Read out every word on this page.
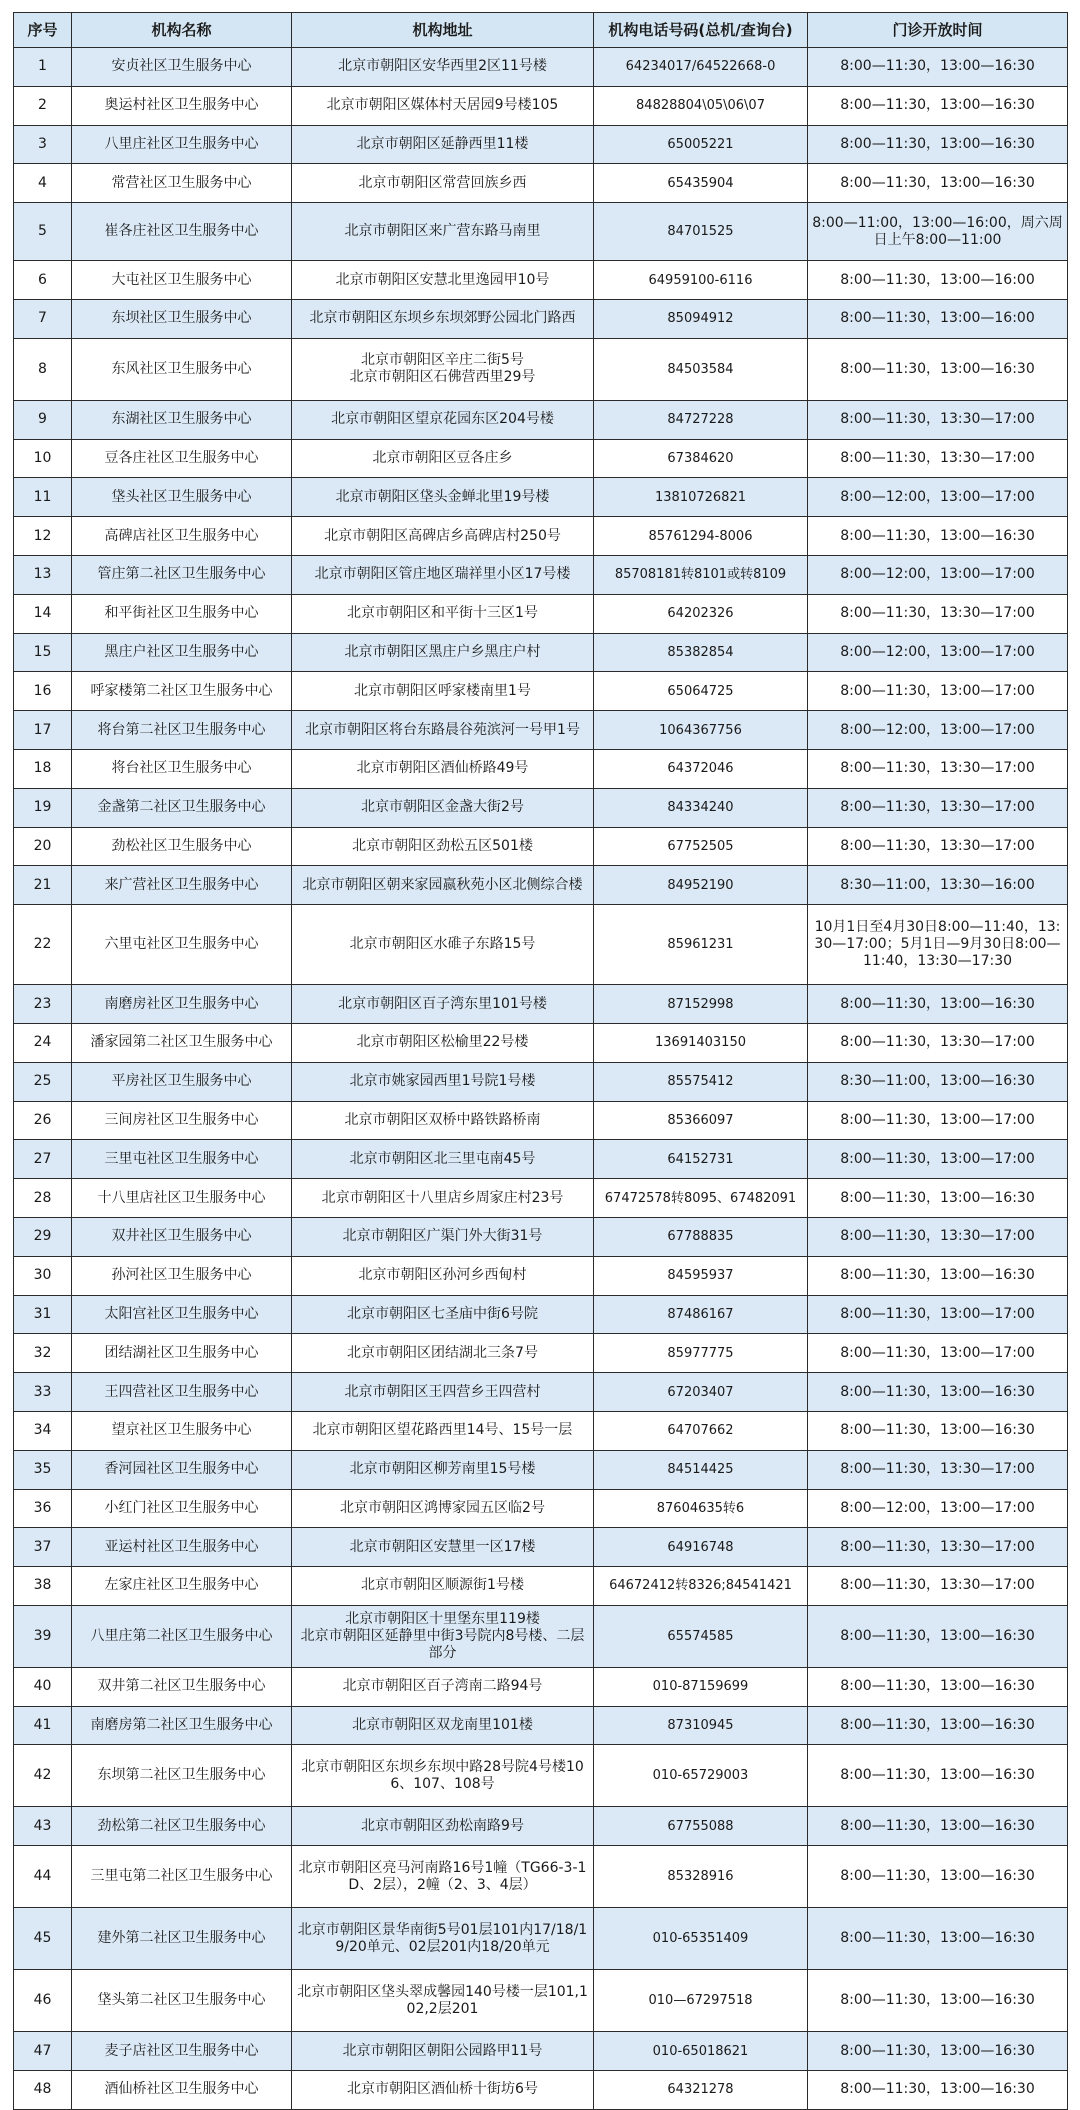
序号	机构名称	机构地址	机构电话号码(总机/查询台)	门诊开放时间
1	安贞社区卫生服务中心	北京市朝阳区安华西里2区11号楼	64234017/64522668-0	8:00—11:30，13:00—16:30
2	奥运村社区卫生服务中心	北京市朝阳区媒体村天居园9号楼105	84828804\05\06\07	8:00—11:30，13:00—16:30
3	八里庄社区卫生服务中心	北京市朝阳区延静西里11楼	65005221	8:00—11:30，13:00—16:30
4	常营社区卫生服务中心	北京市朝阳区常营回族乡西	65435904	8:00—11:30，13:00—16:30
5	崔各庄社区卫生服务中心	北京市朝阳区来广营东路马南里	84701525	8:00—11:00，13:00—16:00，周六周日上午8:00—11:00
6	大屯社区卫生服务中心	北京市朝阳区安慧北里逸园甲10号	64959100-6116	8:00—11:30，13:00—16:00
7	东坝社区卫生服务中心	北京市朝阳区东坝乡东坝郊野公园北门路西	85094912	8:00—11:30，13:00—16:00
8	东风社区卫生服务中心	北京市朝阳区辛庄二街5号
北京市朝阳区石佛营西里29号	84503584	8:00—11:30，13:00—16:30
9	东湖社区卫生服务中心	北京市朝阳区望京花园东区204号楼	84727228	8:00—11:30，13:30—17:00
10	豆各庄社区卫生服务中心	北京市朝阳区豆各庄乡	67384620	8:00—11:30，13:30—17:00
11	垡头社区卫生服务中心	北京市朝阳区垡头金蝉北里19号楼	13810726821	8:00—12:00，13:00—17:00
12	高碑店社区卫生服务中心	北京市朝阳区高碑店乡高碑店村250号	85761294-8006	8:00—11:30，13:00—16:30
13	管庄第二社区卫生服务中心	北京市朝阳区管庄地区瑞祥里小区17号楼	85708181转8101或转8109	8:00—12:00，13:00—17:00
14	和平街社区卫生服务中心	北京市朝阳区和平街十三区1号	64202326	8:00—11:30，13:30—17:00
15	黑庄户社区卫生服务中心	北京市朝阳区黑庄户乡黑庄户村	85382854	8:00—12:00，13:00—17:00
16	呼家楼第二社区卫生服务中心	北京市朝阳区呼家楼南里1号	65064725	8:00—11:30，13:00—17:00
17	将台第二社区卫生服务中心	北京市朝阳区将台东路晨谷苑滨河一号甲1号	1064367756	8:00—12:00，13:00—17:00
18	将台社区卫生服务中心	北京市朝阳区酒仙桥路49号	64372046	8:00—11:30，13:30—17:00
19	金盏第二社区卫生服务中心	北京市朝阳区金盏大街2号	84334240	8:00—11:30，13:30—17:00
20	劲松社区卫生服务中心	北京市朝阳区劲松五区501楼	67752505	8:00—11:30，13:30—17:00
21	来广营社区卫生服务中心	北京市朝阳区朝来家园嬴秋苑小区北侧综合楼	84952190	8:30—11:00，13:30—16:00
22	六里屯社区卫生服务中心	北京市朝阳区水碓子东路15号	85961231	10月1日至4月30日8:00—11:40，13:30—17:00；5月1日—9月30日8:00—11:40，13:30—17:30
23	南磨房社区卫生服务中心	北京市朝阳区百子湾东里101号楼	87152998	8:00—11:30，13:00—16:30
24	潘家园第二社区卫生服务中心	北京市朝阳区松榆里22号楼	13691403150	8:00—11:30，13:30—17:00
25	平房社区卫生服务中心	北京市姚家园西里1号院1号楼	85575412	8:30—11:00，13:00—16:30
26	三间房社区卫生服务中心	北京市朝阳区双桥中路铁路桥南	85366097	8:00—11:30，13:00—17:00
27	三里屯社区卫生服务中心	北京市朝阳区北三里屯南45号	64152731	8:00—11:30，13:00—17:00
28	十八里店社区卫生服务中心	北京市朝阳区十八里店乡周家庄村23号	67472578转8095、67482091	8:00—11:30，13:00—16:30
29	双井社区卫生服务中心	北京市朝阳区广渠门外大街31号	67788835	8:00—11:30，13:30—17:00
30	孙河社区卫生服务中心	北京市朝阳区孙河乡西甸村	84595937	8:00—11:30，13:00—16:30
31	太阳宫社区卫生服务中心	北京市朝阳区七圣庙中街6号院	87486167	8:00—11:30，13:00—17:00
32	团结湖社区卫生服务中心	北京市朝阳区团结湖北三条7号	85977775	8:00—11:30，13:00—17:00
33	王四营社区卫生服务中心	北京市朝阳区王四营乡王四营村	67203407	8:00—11:30，13:00—16:30
34	望京社区卫生服务中心	北京市朝阳区望花路西里14号、15号一层	64707662	8:00—11:30，13:00—16:30
35	香河园社区卫生服务中心	北京市朝阳区柳芳南里15号楼	84514425	8:00—11:30，13:30—17:00
36	小红门社区卫生服务中心	北京市朝阳区鸿博家园五区临2号	87604635转6	8:00—12:00，13:00—17:00
37	亚运村社区卫生服务中心	北京市朝阳区安慧里一区17楼	64916748	8:00—11:30，13:30—17:00
38	左家庄社区卫生服务中心	北京市朝阳区顺源街1号楼	64672412转8326;84541421	8:00—11:30，13:30—17:00
39	八里庄第二社区卫生服务中心	北京市朝阳区十里堡东里119楼
北京市朝阳区延静里中街3号院内8号楼、二层部分	65574585	8:00—11:30，13:00—16:30
40	双井第二社区卫生服务中心	北京市朝阳区百子湾南二路94号	010-87159699	8:00—11:30，13:00—16:30
41	南磨房第二社区卫生服务中心	北京市朝阳区双龙南里101楼	87310945	8:00—11:30，13:00—16:30
42	东坝第二社区卫生服务中心	北京市朝阳区东坝乡东坝中路28号院4号楼106、107、108号	010-65729003	8:00—11:30，13:00—16:30
43	劲松第二社区卫生服务中心	北京市朝阳区劲松南路9号	67755088	8:00—11:30，13:00—16:30
44	三里屯第二社区卫生服务中心	北京市朝阳区亮马河南路16号1幢（TG66-3-1D、2层），2幢（2、3、4层）	85328916	8:00—11:30，13:00—16:30
45	建外第二社区卫生服务中心	北京市朝阳区景华南街5号01层101内17/18/19/20单元、02层201内18/20单元	010-65351409	8:00—11:30，13:00—16:30
46	垡头第二社区卫生服务中心	北京市朝阳区垡头翠成馨园140号楼一层101,102,2层201	010—67297518	8:00—11:30，13:00—16:30
47	麦子店社区卫生服务中心	北京市朝阳区朝阳公园路甲11号	010-65018621	8:00—11:30，13:00—16:30
48	酒仙桥社区卫生服务中心	北京市朝阳区酒仙桥十街坊6号	64321278	8:00—11:30，13:00—16:30
